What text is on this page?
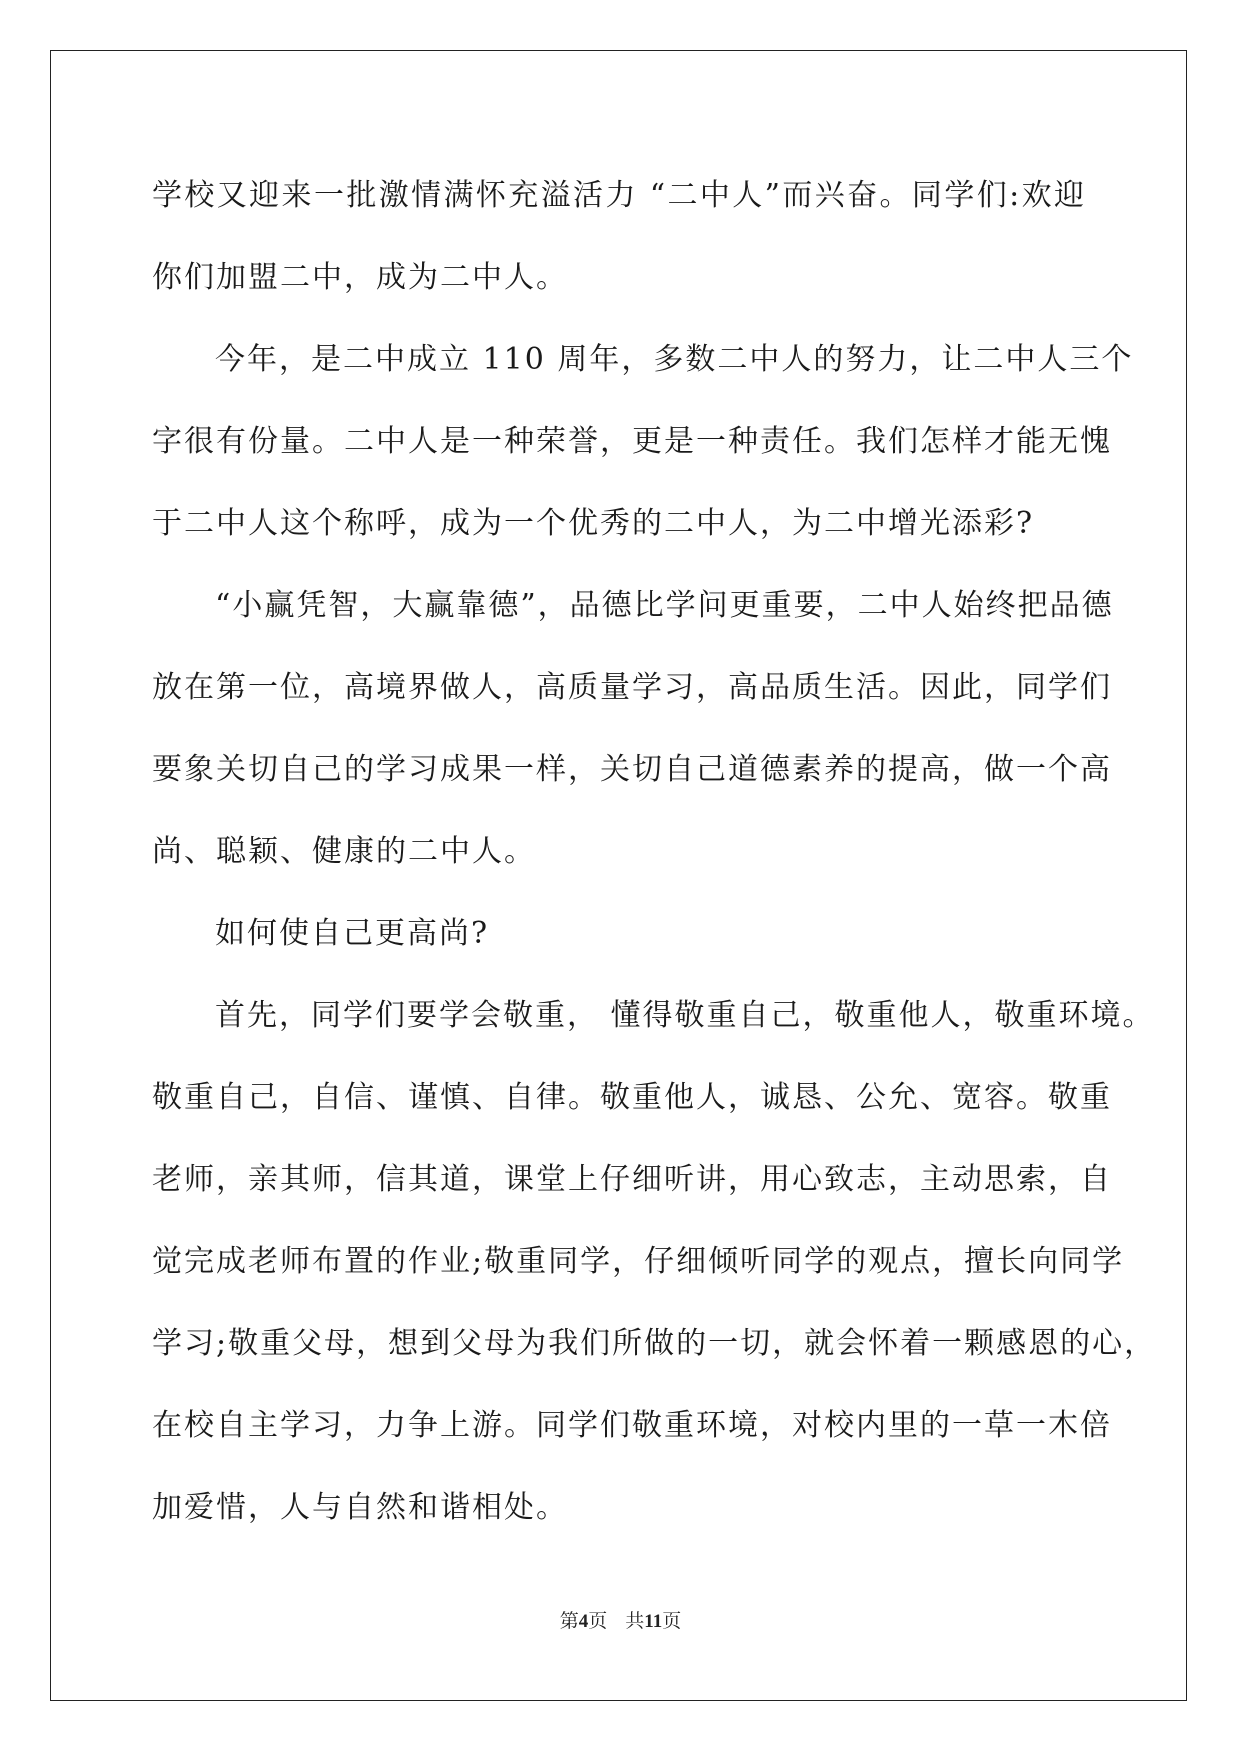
学校又迎来一批激情满怀充溢活力 “二中人”而兴奋。同学们:欢迎
你们加盟二中，成为二中人。
今年，是二中成立 110 周年，多数二中人的努力，让二中人三个
字很有份量。二中人是一种荣誉，更是一种责任。我们怎样才能无愧
于二中人这个称呼，成为一个优秀的二中人，为二中增光添彩?
“小赢凭智，大赢靠德”，品德比学问更重要，二中人始终把品德
放在第一位，高境界做人，高质量学习，高品质生活。因此，同学们
要象关切自己的学习成果一样，关切自己道德素养的提高，做一个高
尚、聪颖、健康的二中人。
如何使自己更高尚?
首先，同学们要学会敬重， 懂得敬重自己，敬重他人，敬重环境。
敬重自己，自信、谨慎、自律。敬重他人，诚恳、公允、宽容。敬重
老师，亲其师，信其道，课堂上仔细听讲，用心致志，主动思索，自
觉完成老师布置的作业;敬重同学，仔细倾听同学的观点，擅长向同学
学习;敬重父母，想到父母为我们所做的一切，就会怀着一颗感恩的心，
在校自主学习，力争上游。同学们敬重环境，对校内里的一草一木倍
加爱惜，人与自然和谐相处。
第4页 共11页
